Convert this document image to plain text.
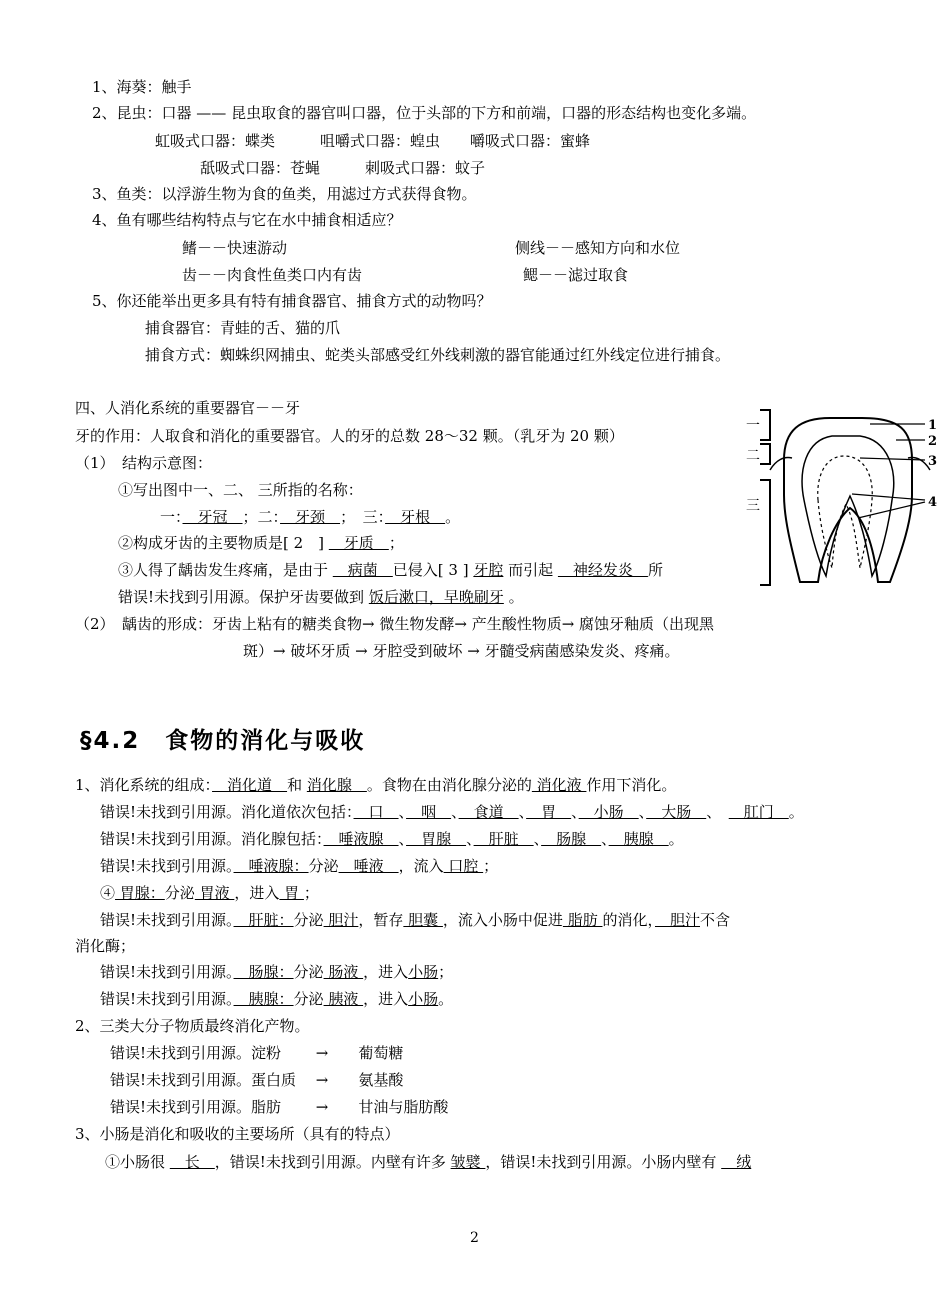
1、海葵：触手
2、昆虫：口器 —— 昆虫取食的器官叫口器，位于头部的下方和前端，口器的形态结构也变化多端。
虹吸式口器：蝶类　　　咀嚼式口器：蝗虫　　嚼吸式口器：蜜蜂
舐吸式口器：苍蝇　　　刺吸式口器：蚊子
3、鱼类：以浮游生物为食的鱼类，用滤过方式获得食物。
4、鱼有哪些结构特点与它在水中捕食相适应？
鳍－－快速游动	侧线－－感知方向和水位
齿－－肉食性鱼类口内有齿	鳃－－滤过取食
5、你还能举出更多具有特有捕食器官、捕食方式的动物吗？
捕食器官：青蛙的舌、猫的爪
捕食方式：蜘蛛织网捕虫、蛇类头部感受红外线刺激的器官能通过红外线定位进行捕食。
四、人消化系统的重要器官－－牙
牙的作用：人取食和消化的重要器官。人的牙的总数 28～32 颗。（乳牙为 20 颗）
（1）　结构示意图：
①写出图中一、二、 三所指的名称：
一：　牙冠　；二：　牙颈　；　三：　牙根　。
②构成牙齿的主要物质是[ 2　] 　牙质　；
③人得了龋齿发生疼痛，是由于 　病菌　已侵入[ 3 ] 牙腔 而引起 　神经发炎　所
错误!未找到引用源。保护牙齿要做到 饭后漱口，早晚刷牙 。
（2）　龋齿的形成：牙齿上粘有的糖类食物→ 微生物发酵→ 产生酸性物质→ 腐蚀牙釉质（出现黑
斑）→ 破坏牙质 → 牙腔受到破坏 → 牙髓受病菌感染发炎、疼痛。
一
二
三
1
2
3
4
§4.2　食物的消化与吸收
1、消化系统的组成：　消化道　和 消化腺　。食物在由消化腺分泌的 消化液 作用下消化。
错误!未找到引用源。消化道依次包括：　口　、　咽　、　食道　、　胃　、　小肠　、　大肠　、　　肛门　。
错误!未找到引用源。消化腺包括：　唾液腺　、　胃腺　、　肝脏　、　肠腺　、　胰腺　。
错误!未找到引用源。　唾液腺：分泌　唾液　，流入 口腔 ；
④ 胃腺：分泌 胃液 ，进入 胃 ；
错误!未找到引用源。　肝脏：分泌 胆汁，暂存 胆囊 ，流入小肠中促进 脂肪 的消化，　胆汁不含
消化酶；
错误!未找到引用源。　肠腺：分泌 肠液 ，进入小肠；
错误!未找到引用源。　胰腺：分泌 胰液 ，进入小肠。
2、三类大分子物质最终消化产物。
错误!未找到引用源。淀粉　　 →　　葡萄糖
错误!未找到引用源。蛋白质　 →　　氨基酸
错误!未找到引用源。脂肪　　 →　　甘油与脂肪酸
3、小肠是消化和吸收的主要场所（具有的特点）
①小肠很 　长　，错误!未找到引用源。内壁有许多 皱襞 ，错误!未找到引用源。小肠内壁有 　绒
2
